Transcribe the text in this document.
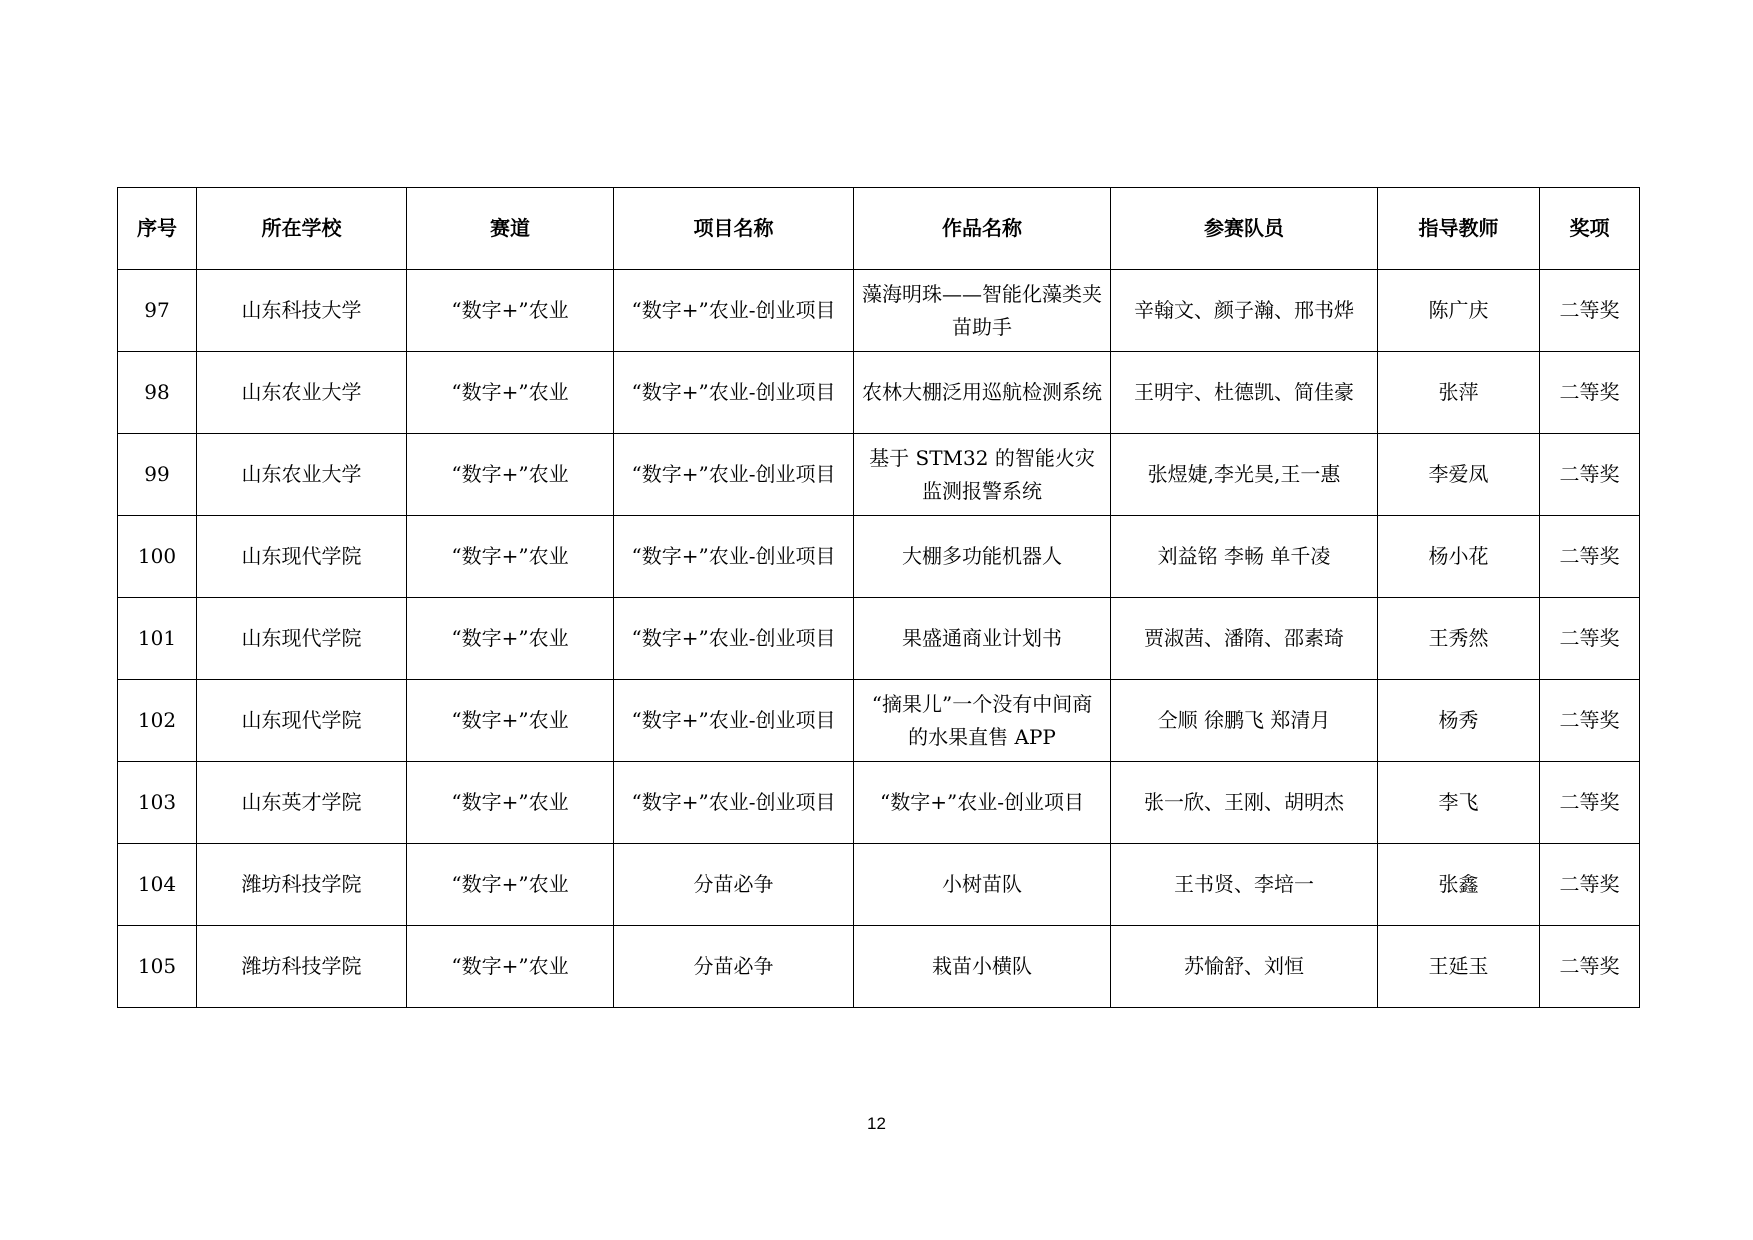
序号	所在学校	赛道	项目名称	作品名称	参赛队员	指导教师	奖项
97	山东科技大学	“数字+”农业	“数字+”农业-创业项目	藻海明珠——智能化藻类夹苗助手	辛翰文、颜子瀚、邢书烨	陈广庆	二等奖
98	山东农业大学	“数字+”农业	“数字+”农业-创业项目	农林大棚泛用巡航检测系统	王明宇、杜德凯、简佳豪	张萍	二等奖
99	山东农业大学	“数字+”农业	“数字+”农业-创业项目	基于 STM32 的智能火灾监测报警系统	张煜婕,李光昊,王一惠	李爱凤	二等奖
100	山东现代学院	“数字+”农业	“数字+”农业-创业项目	大棚多功能机器人	刘益铭 李畅 单千凌	杨小花	二等奖
101	山东现代学院	“数字+”农业	“数字+”农业-创业项目	果盛通商业计划书	贾淑茜、潘隋、邵素琦	王秀然	二等奖
102	山东现代学院	“数字+”农业	“数字+”农业-创业项目	“摘果儿”一个没有中间商的水果直售 APP	仝顺 徐鹏飞 郑清月	杨秀	二等奖
103	山东英才学院	“数字+”农业	“数字+”农业-创业项目	“数字+”农业-创业项目	张一欣、王刚、胡明杰	李飞	二等奖
104	潍坊科技学院	“数字+”农业	分苗必争	小树苗队	王书贤、李培一	张鑫	二等奖
105	潍坊科技学院	“数字+”农业	分苗必争	栽苗小横队	苏愉舒、刘恒	王延玉	二等奖
12
